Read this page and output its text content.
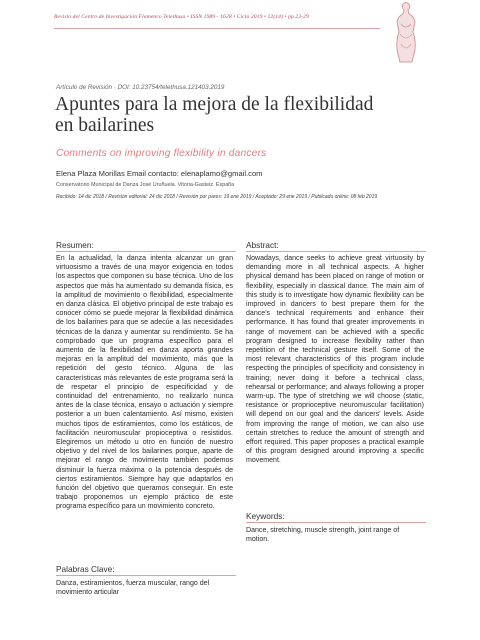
Revista del Centro de Investigación Flamenco Telethusa • ISSN 1989 - 1628 • Ciclo 2019 • 12(14) • pp.23-29
Artículo de Revisión · DOI: 10.23754/telethusa.121403.2019
Apuntes para la mejora de la flexibilidad en bailarines
Comments on improving flexibility in dancers
Elena Plaza Morillas Email contacto: elenaplamo@gmail.com
Conservatorio Municipal de Danza José Uruñuela. Vitoria-Gasteiz. España
Recibido: 14 dic 2018 / Revisión editorial: 24 dic 2018 / Revisión por pares: 19 ene 2019 / Aceptado: 29 ene 2019 / Publicado online: 08 feb 2019
Resumen:

En la actualidad, la danza intenta alcanzar un gran virtuosismo a través de una mayor exigencia en todos los aspectos que componen su base técnica. Uno de los aspectos que más ha aumentado su demanda física, es la amplitud de movimiento o flexibilidad, especialmente en danza clásica. El objetivo principal de este trabajo es conocer cómo se puede mejorar la flexibilidad dinámica de los bailarines para que se adecúe a las necesidades técnicas de la danza y aumentar su rendimiento. Se ha comprobado que un programa específico para el aumento de la flexibilidad en danza aporta grandes mejoras en la amplitud del movimiento, más que la repetición del gesto técnico. Alguna de las características más relevantes de este programa será la de respetar el principio de especificidad y de continuidad del entrenamiento, no realizarlo nunca antes de la clase técnica, ensayo o actuación y siempre posterior a un buen calentamiento. Así mismo, existen muchos tipos de estiramientos, como los estáticos, de facilitación neuromuscular propioceptiva o resistidos. Elegiremos un método u otro en función de nuestro objetivo y del nivel de los bailarines porque, aparte de mejorar el rango de movimiento también podemos disminuir la fuerza máxima o la potencia después de ciertos estiramientos. Siempre hay que adaptarlos en función del objetivo que queramos conseguir. En este trabajo proponemos un ejemplo práctico de este programa específico para un movimiento concreto.

Palabras Clave:

Danza, estiramientos, fuerza muscular, rango del movimiento articular

Abstract:

Nowadays, dance seeks to achieve great virtuosity by demanding more in all technical aspects. A higher physical demand has been placed on range of motion or flexibility, especially in classical dance. The main aim of this study is to investigate how dynamic flexibility can be improved in dancers to best prepare them for the dance's technical requirements and enhance their performance. It has found that greater improvements in range of movement can be achieved with a specific program designed to increase flexibility rather than repetition of the technical gesture itself. Some of the most relevant characteristics of this program include respecting the principles of specificity and consistency in training; never doing it before a technical class, rehearsal or performance; and always following a proper warm-up. The type of stretching we will choose (static, resistance or proprioceptive neuromuscular facilitation) will depend on our goal and the dancers' levels. Aside from improving the range of motion, we can also use certain stretches to reduce the amount of strength and effort required. This paper proposes a practical example of this program designed around improving a specific movement.

Keywords:

Dance, stretching, muscle strength, joint range of motion.
